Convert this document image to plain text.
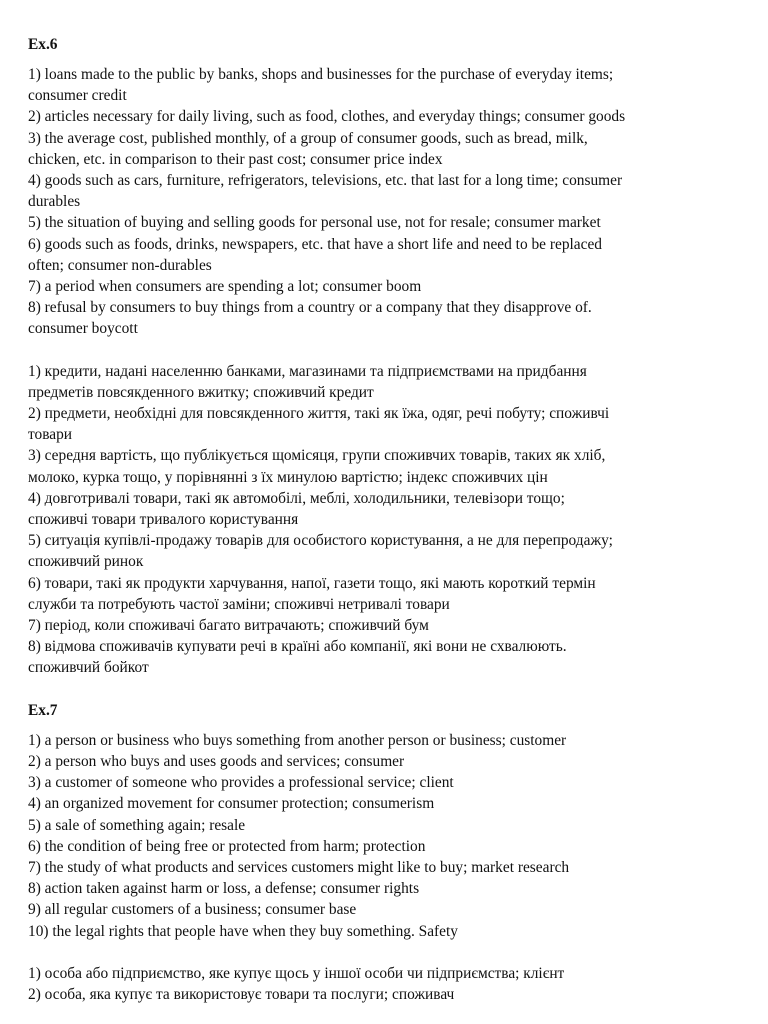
Ex.6

1) loans made to the public by banks, shops and businesses for the purchase of everyday items;

consumer credit

2) articles necessary for daily living, such as food, clothes, and everyday things; consumer goods

3) the average cost, published monthly, of a group of consumer goods, such as bread, milk,

chicken, etc. in comparison to their past cost; consumer price index

4) goods such as cars, furniture, refrigerators, televisions, etc. that last for a long time; consumer

durables

5) the situation of buying and selling goods for personal use, not for resale; consumer market

6) goods such as foods, drinks, newspapers, etc. that have a short life and need to be replaced

often; consumer non-durables

7) a period when consumers are spending a lot; consumer boom

8) refusal by consumers to buy things from a country or a company that they disapprove of.

consumer boycott

1) кредити, надані населенню банками, магазинами та підприємствами на придбання

предметів повсякденного вжитку; споживчий кредит

2) предмети, необхідні для повсякденного життя, такі як їжа, одяг, речі побуту; споживчі

товари

3) середня вартість, що публікується щомісяця, групи споживчих товарів, таких як хліб,

молоко, курка тощо, у порівнянні з їх минулою вартістю; індекс споживчих цін

4) довготривалі товари, такі як автомобілі, меблі, холодильники, телевізори тощо;

споживчі товари тривалого користування

5) ситуація купівлі-продажу товарів для особистого користування, а не для перепродажу;

споживчий ринок

6) товари, такі як продукти харчування, напої, газети тощо, які мають короткий термін

служби та потребують частої заміни; споживчі нетривалі товари

7) період, коли споживачі багато витрачають; споживчий бум

8) відмова споживачів купувати речі в країні або компанії, які вони не схвалюють.

споживчий бойкот

Ex.7

1) a person or business who buys something from another person or business; customer

2) a person who buys and uses goods and services; consumer

3) a customer of someone who provides a professional service; client

4) an organized movement for consumer protection; consumerism

5) a sale of something again; resale

6) the condition of being free or protected from harm; protection

7) the study of what products and services customers might like to buy; market research

8) action taken against harm or loss, a defense; consumer rights

9) all regular customers of a business; consumer base

10) the legal rights that people have when they buy something. Safety

1) особа або підприємство, яке купує щось у іншої особи чи підприємства; клієнт

2) особа, яка купує та використовує товари та послуги; споживач
